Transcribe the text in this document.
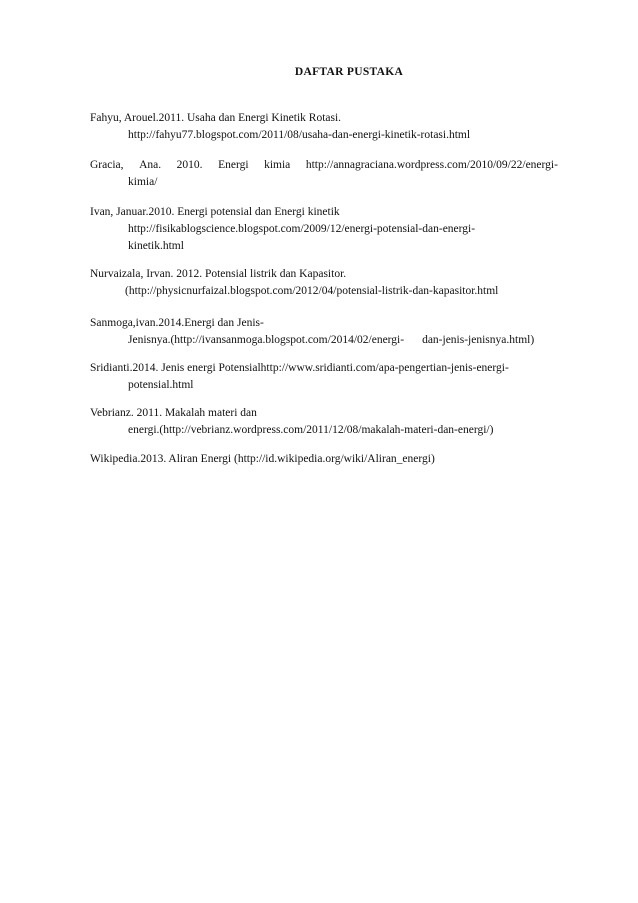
DAFTAR PUSTAKA
Fahyu, Arouel.2011. Usaha dan Energi Kinetik Rotasi.
http://fahyu77.blogspot.com/2011/08/usaha-dan-energi-kinetik-rotasi.html
Gracia, Ana. 2010. Energi kimia http://annagraciana.wordpress.com/2010/09/22/energi-
kimia/
Ivan, Januar.2010. Energi potensial dan Energi kinetik
http://fisikablogscience.blogspot.com/2009/12/energi-potensial-dan-energi-
kinetik.html
Nurvaizala, Irvan. 2012. Potensial listrik dan Kapasitor.
(http://physicnurfaizal.blogspot.com/2012/04/potensial-listrik-dan-kapasitor.html
Sanmoga,ivan.2014.Energi dan Jenis-
Jenisnya.(http://ivansanmoga.blogspot.com/2014/02/energi- dan-jenis-jenisnya.html)
Sridianti.2014. Jenis energi Potensialhttp://www.sridianti.com/apa-pengertian-jenis-energi-
potensial.html
Vebrianz. 2011. Makalah materi dan
energi.(http://vebrianz.wordpress.com/2011/12/08/makalah-materi-dan-energi/)
Wikipedia.2013. Aliran Energi (http://id.wikipedia.org/wiki/Aliran_energi)
